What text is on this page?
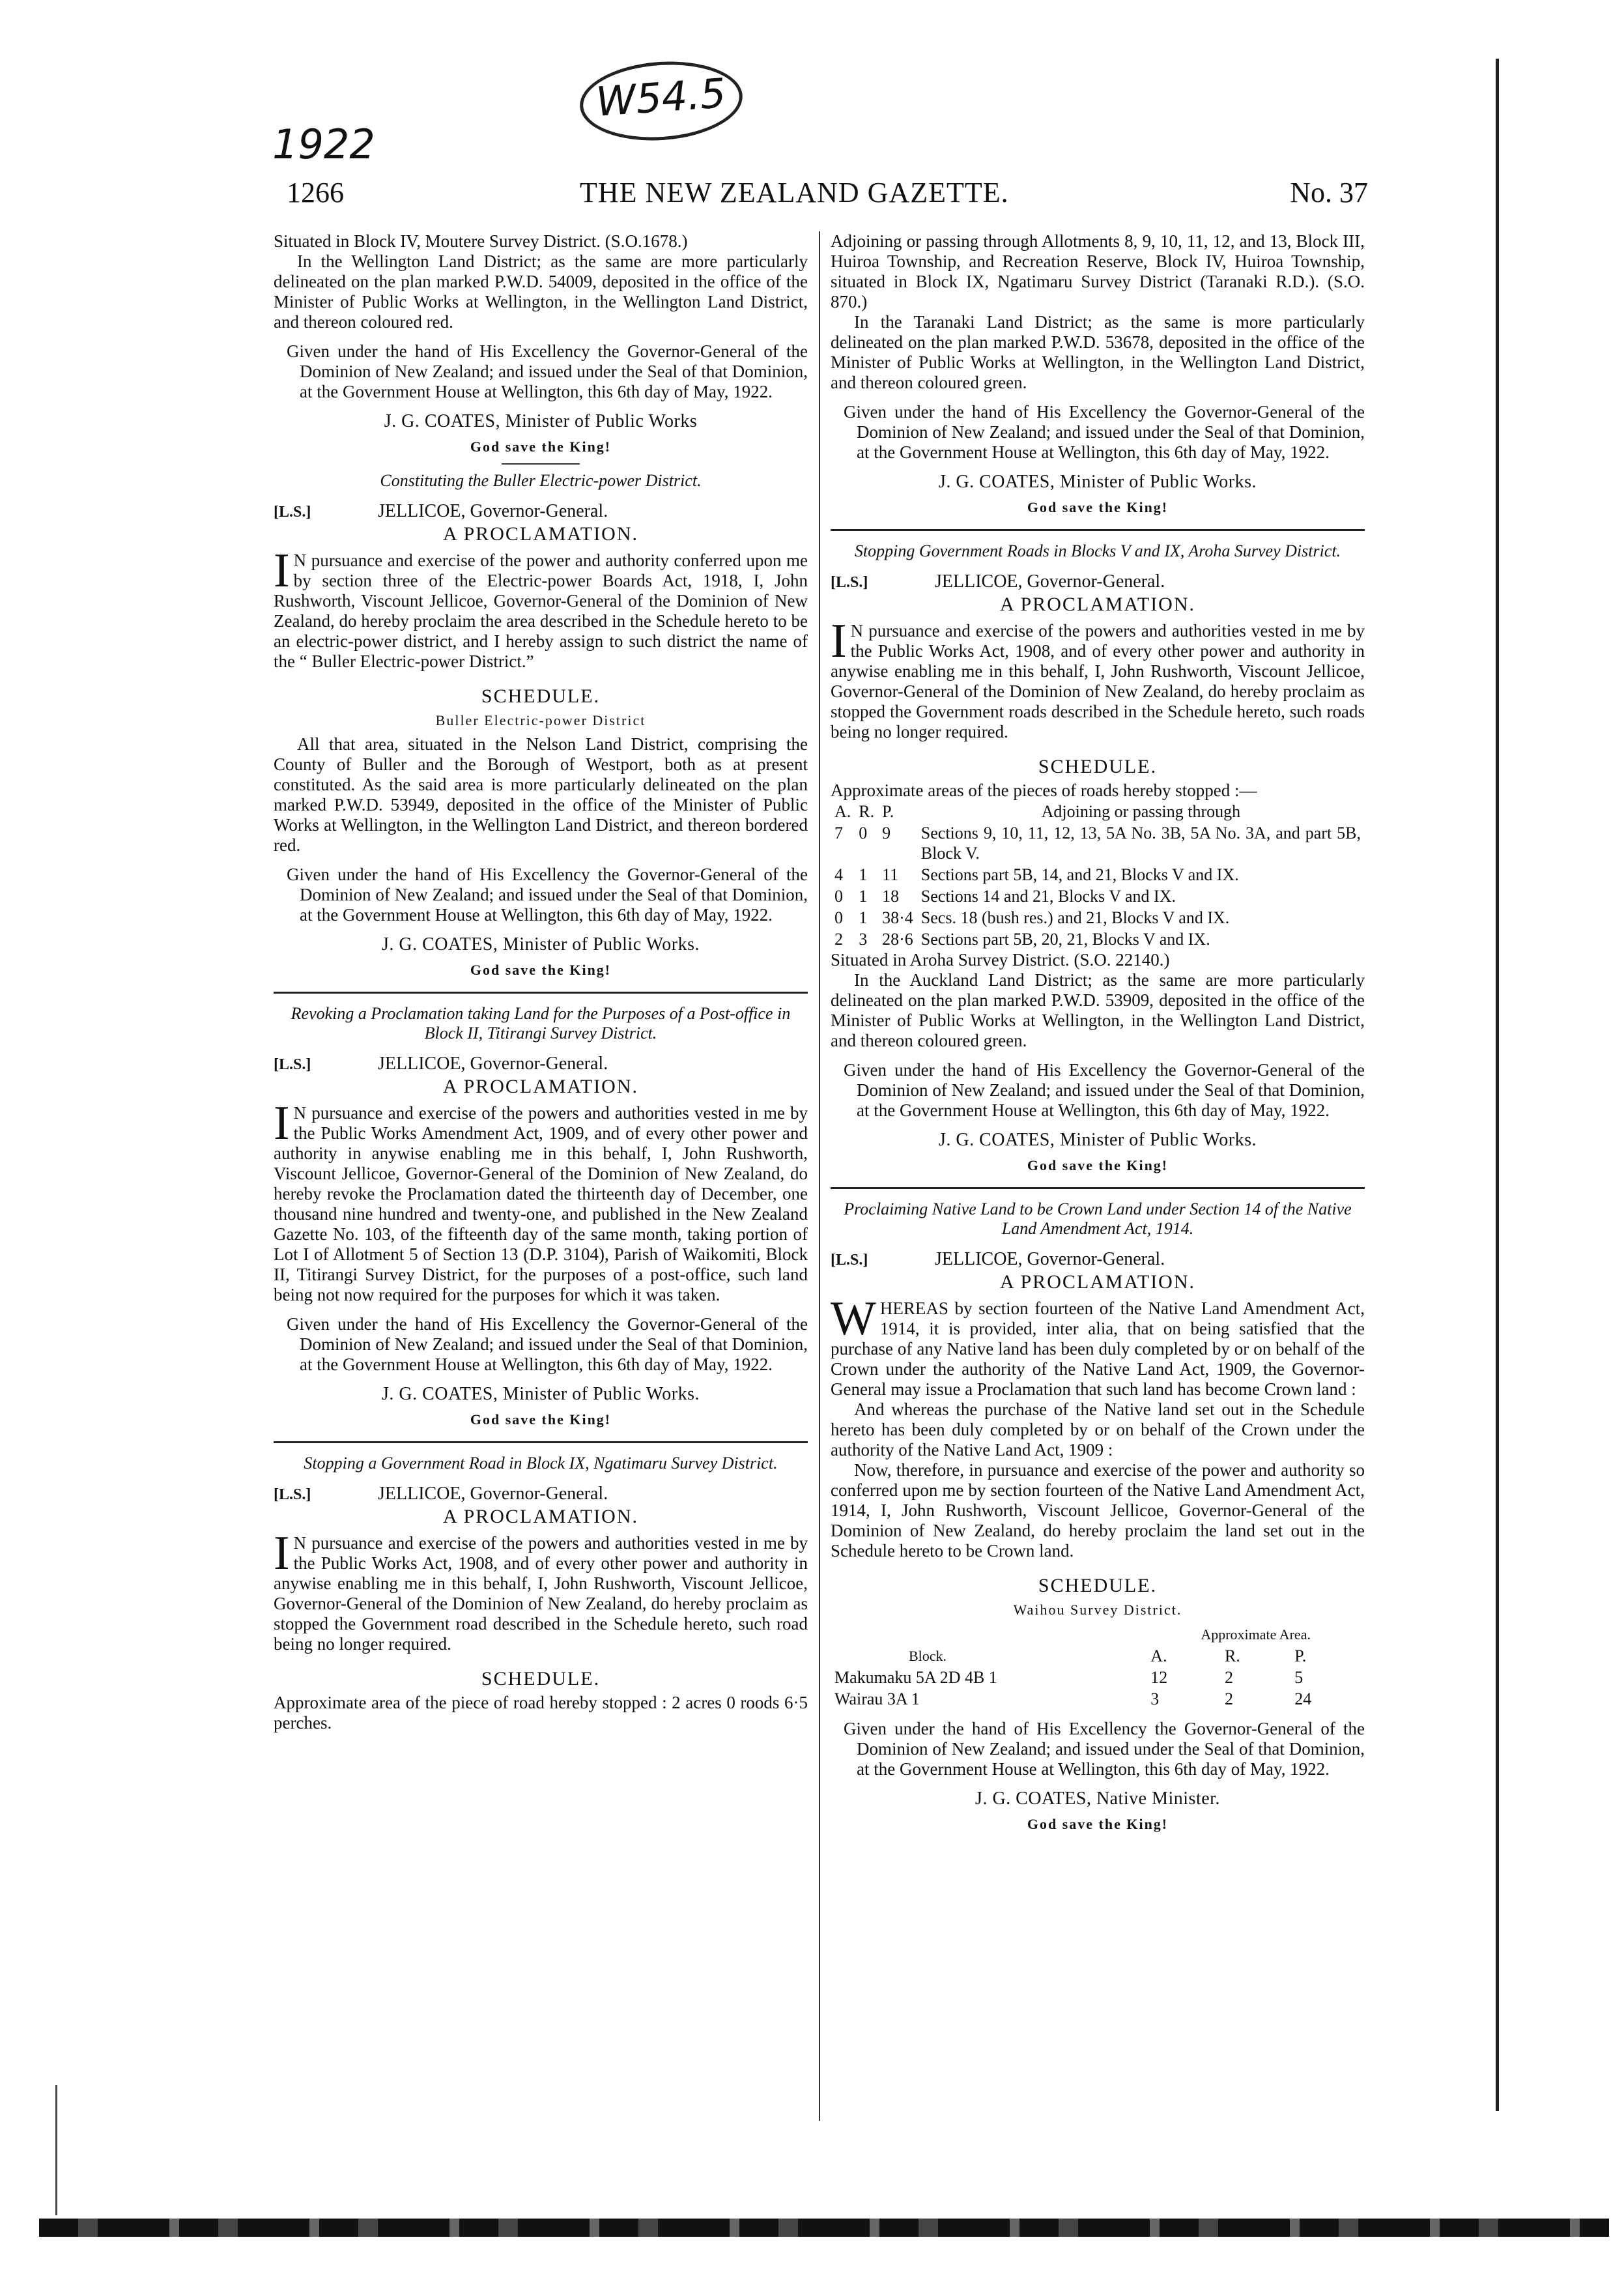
W54.5
1922
1266	THE NEW ZEALAND GAZETTE.	No. 37

Situated in Block IV, Moutere Survey District. (S.O.1678.)

In the Wellington Land District; as the same are more particularly delineated on the plan marked P.W.D. 54009, deposited in the office of the Minister of Public Works at Wellington, in the Wellington Land District, and thereon coloured red.

Given under the hand of His Excellency the Governor-General of the Dominion of New Zealand; and issued under the Seal of that Dominion, at the Government House at Wellington, this 6th day of May, 1922.

J. G. COATES, Minister of Public Works

God save the King!

Constituting the Buller Electric-power District.

[L.S.]	JELLICOE, Governor-General.

A PROCLAMATION.

IN pursuance and exercise of the power and authority conferred upon me by section three of the Electric-power Boards Act, 1918, I, John Rushworth, Viscount Jellicoe, Governor-General of the Dominion of New Zealand, do hereby proclaim the area described in the Schedule hereto to be an electric-power district, and I hereby assign to such district the name of the “ Buller Electric-power District.”

SCHEDULE.

Buller Electric-power District

All that area, situated in the Nelson Land District, comprising the County of Buller and the Borough of Westport, both as at present constituted. As the said area is more particularly delineated on the plan marked P.W.D. 53949, deposited in the office of the Minister of Public Works at Wellington, in the Wellington Land District, and thereon bordered red.

Given under the hand of His Excellency the Governor-General of the Dominion of New Zealand; and issued under the Seal of that Dominion, at the Government House at Wellington, this 6th day of May, 1922.

J. G. COATES, Minister of Public Works.

God save the King!

Revoking a Proclamation taking Land for the Purposes of a Post-office in Block II, Titirangi Survey District.

[L.S.]	JELLICOE, Governor-General.

A PROCLAMATION.

IN pursuance and exercise of the powers and authorities vested in me by the Public Works Amendment Act, 1909, and of every other power and authority in anywise enabling me in this behalf, I, John Rushworth, Viscount Jellicoe, Governor-General of the Dominion of New Zealand, do hereby revoke the Proclamation dated the thirteenth day of December, one thousand nine hundred and twenty-one, and published in the New Zealand Gazette No. 103, of the fifteenth day of the same month, taking portion of Lot I of Allotment 5 of Section 13 (D.P. 3104), Parish of Waikomiti, Block II, Titirangi Survey District, for the purposes of a post-office, such land being not now required for the purposes for which it was taken.

Given under the hand of His Excellency the Governor-General of the Dominion of New Zealand; and issued under the Seal of that Dominion, at the Government House at Wellington, this 6th day of May, 1922.

J. G. COATES, Minister of Public Works.

God save the King!

Stopping a Government Road in Block IX, Ngatimaru Survey District.

[L.S.]	JELLICOE, Governor-General.

A PROCLAMATION.

IN pursuance and exercise of the powers and authorities vested in me by the Public Works Act, 1908, and of every other power and authority in anywise enabling me in this behalf, I, John Rushworth, Viscount Jellicoe, Governor-General of the Dominion of New Zealand, do hereby proclaim as stopped the Government road described in the Schedule hereto, such road being no longer required.

SCHEDULE.

Approximate area of the piece of road hereby stopped : 2 acres 0 roods 6·5 perches.

Adjoining or passing through Allotments 8, 9, 10, 11, 12, and 13, Block III, Huiroa Township, and Recreation Reserve, Block IV, Huiroa Township, situated in Block IX, Ngatimaru Survey District (Taranaki R.D.). (S.O. 870.)

In the Taranaki Land District; as the same is more particularly delineated on the plan marked P.W.D. 53678, deposited in the office of the Minister of Public Works at Wellington, in the Wellington Land District, and thereon coloured green.

Given under the hand of His Excellency the Governor-General of the Dominion of New Zealand; and issued under the Seal of that Dominion, at the Government House at Wellington, this 6th day of May, 1922.

J. G. COATES, Minister of Public Works.

God save the King!

Stopping Government Roads in Blocks V and IX, Aroha Survey District.

[L.S.]	JELLICOE, Governor-General.

A PROCLAMATION.

IN pursuance and exercise of the powers and authorities vested in me by the Public Works Act, 1908, and of every other power and authority in anywise enabling me in this behalf, I, John Rushworth, Viscount Jellicoe, Governor-General of the Dominion of New Zealand, do hereby proclaim as stopped the Government roads described in the Schedule hereto, such roads being no longer required.

SCHEDULE.

Approximate areas of the pieces of roads hereby stopped :—

A.	R.	P.	Adjoining or passing through
7	0	9	Sections 9, 10, 11, 12, 13, 5A No. 3B, 5A No. 3A, and part 5B, Block V.
4	1	11	Sections part 5B, 14, and 21, Blocks V and IX.
0	1	18	Sections 14 and 21, Blocks V and IX.
0	1	38·4	Secs. 18 (bush res.) and 21, Blocks V and IX.
2	3	28·6	Sections part 5B, 20, 21, Blocks V and IX.

Situated in Aroha Survey District. (S.O. 22140.)

In the Auckland Land District; as the same are more particularly delineated on the plan marked P.W.D. 53909, deposited in the office of the Minister of Public Works at Wellington, in the Wellington Land District, and thereon coloured green.

Given under the hand of His Excellency the Governor-General of the Dominion of New Zealand; and issued under the Seal of that Dominion, at the Government House at Wellington, this 6th day of May, 1922.

J. G. COATES, Minister of Public Works.

God save the King!

Proclaiming Native Land to be Crown Land under Section 14 of the Native Land Amendment Act, 1914.

[L.S.]	JELLICOE, Governor-General.

A PROCLAMATION.

WHEREAS by section fourteen of the Native Land Amendment Act, 1914, it is provided, inter alia, that on being satisfied that the purchase of any Native land has been duly completed by or on behalf of the Crown under the authority of the Native Land Act, 1909, the Governor-General may issue a Proclamation that such land has become Crown land :

And whereas the purchase of the Native land set out in the Schedule hereto has been duly completed by or on behalf of the Crown under the authority of the Native Land Act, 1909 :

Now, therefore, in pursuance and exercise of the power and authority so conferred upon me by section fourteen of the Native Land Amendment Act, 1914, I, John Rushworth, Viscount Jellicoe, Governor-General of the Dominion of New Zealand, do hereby proclaim the land set out in the Schedule hereto to be Crown land.

SCHEDULE.

Waihou Survey District.

	Approximate Area.		
Block.	A.	R.	P.
Makumaku 5A 2D 4B 1	12	2	5
Wairau 3A 1	3	2	24

Given under the hand of His Excellency the Governor-General of the Dominion of New Zealand; and issued under the Seal of that Dominion, at the Government House at Wellington, this 6th day of May, 1922.

J. G. COATES, Native Minister.

God save the King!
